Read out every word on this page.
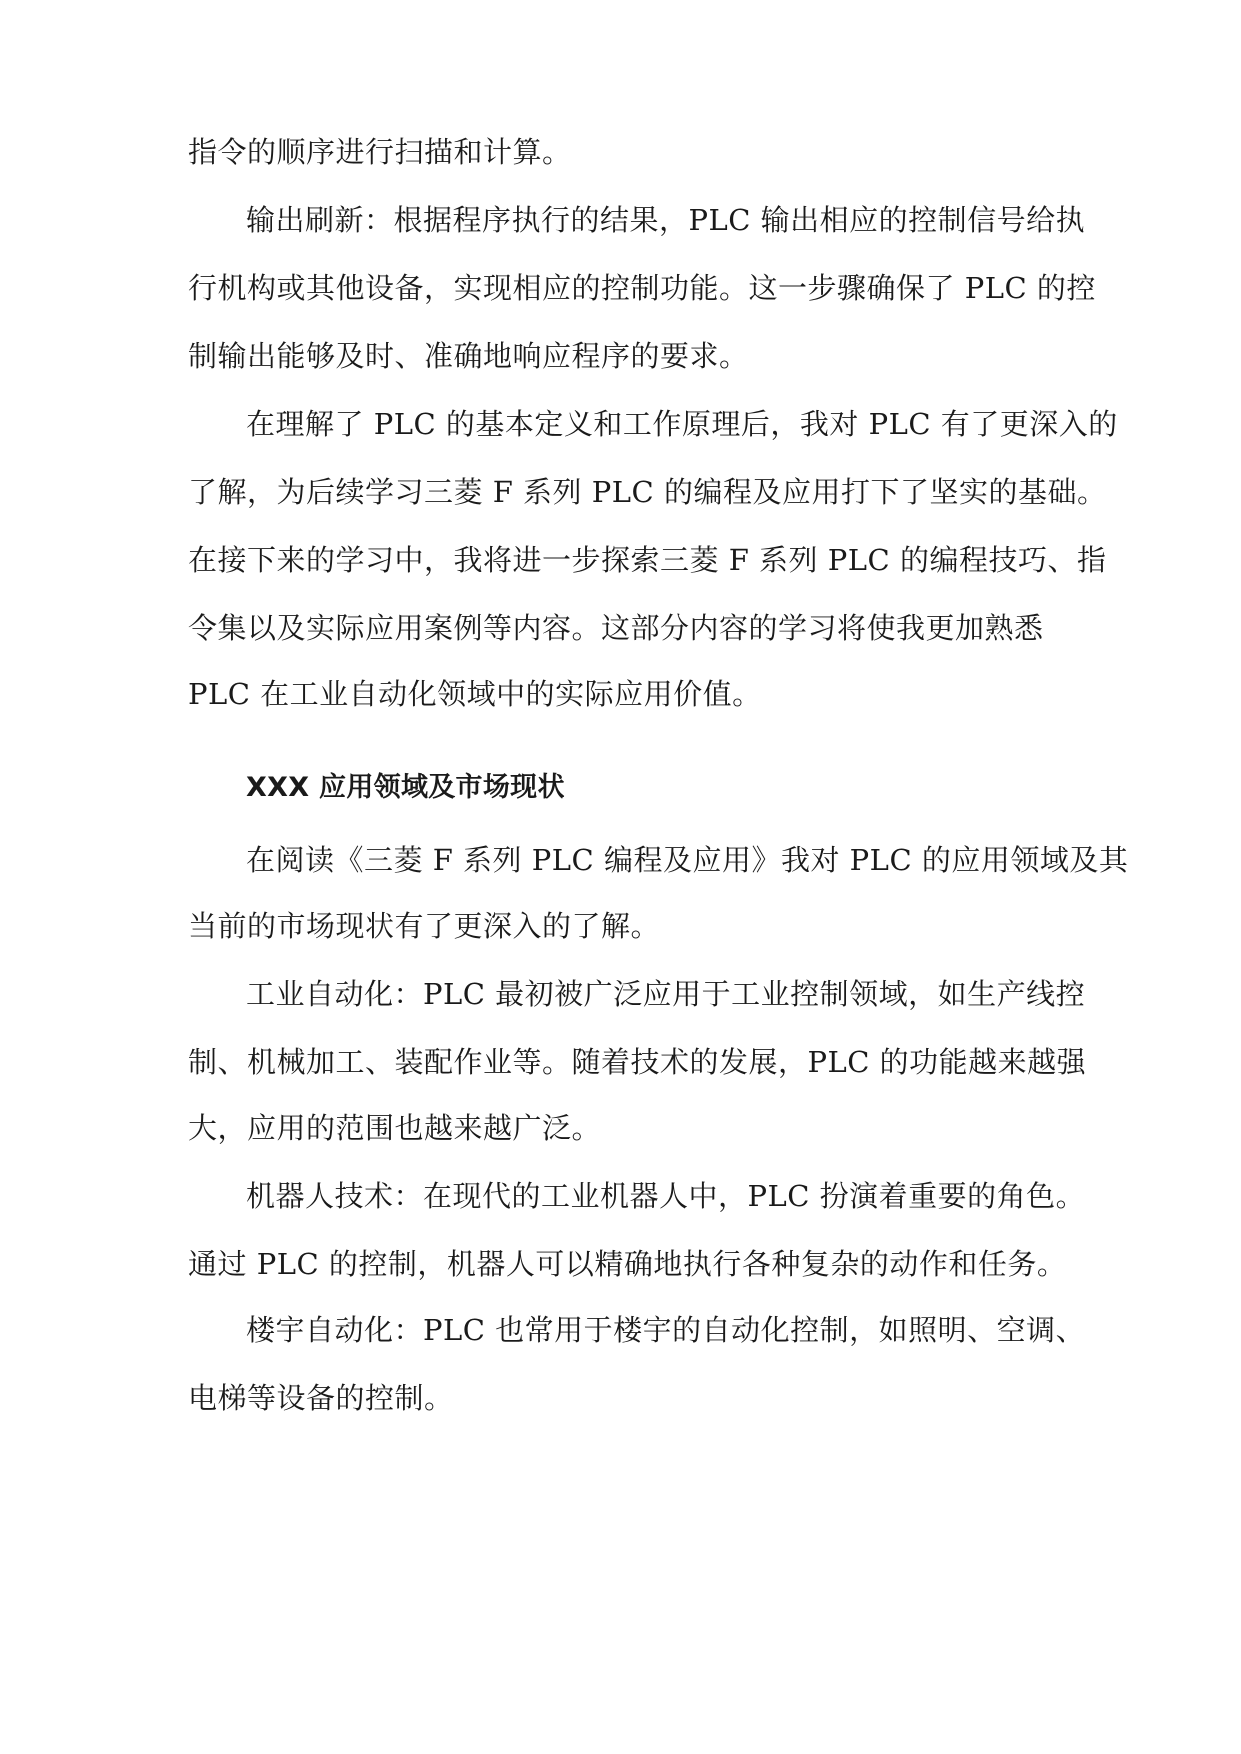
指令的顺序进行扫描和计算。
输出刷新：根据程序执行的结果，PLC 输出相应的控制信号给执
行机构或其他设备，实现相应的控制功能。这一步骤确保了 PLC 的控
制输出能够及时、准确地响应程序的要求。
在理解了 PLC 的基本定义和工作原理后，我对 PLC 有了更深入的
了解，为后续学习三菱 F 系列 PLC 的编程及应用打下了坚实的基础。
在接下来的学习中，我将进一步探索三菱 F 系列 PLC 的编程技巧、指
令集以及实际应用案例等内容。这部分内容的学习将使我更加熟悉
PLC 在工业自动化领域中的实际应用价值。
XXX 应用领域及市场现状
在阅读《三菱 F 系列 PLC 编程及应用》我对 PLC 的应用领域及其
当前的市场现状有了更深入的了解。
工业自动化：PLC 最初被广泛应用于工业控制领域，如生产线控
制、机械加工、装配作业等。随着技术的发展，PLC 的功能越来越强
大，应用的范围也越来越广泛。
机器人技术：在现代的工业机器人中，PLC 扮演着重要的角色。
通过 PLC 的控制，机器人可以精确地执行各种复杂的动作和任务。
楼宇自动化：PLC 也常用于楼宇的自动化控制，如照明、空调、
电梯等设备的控制。
